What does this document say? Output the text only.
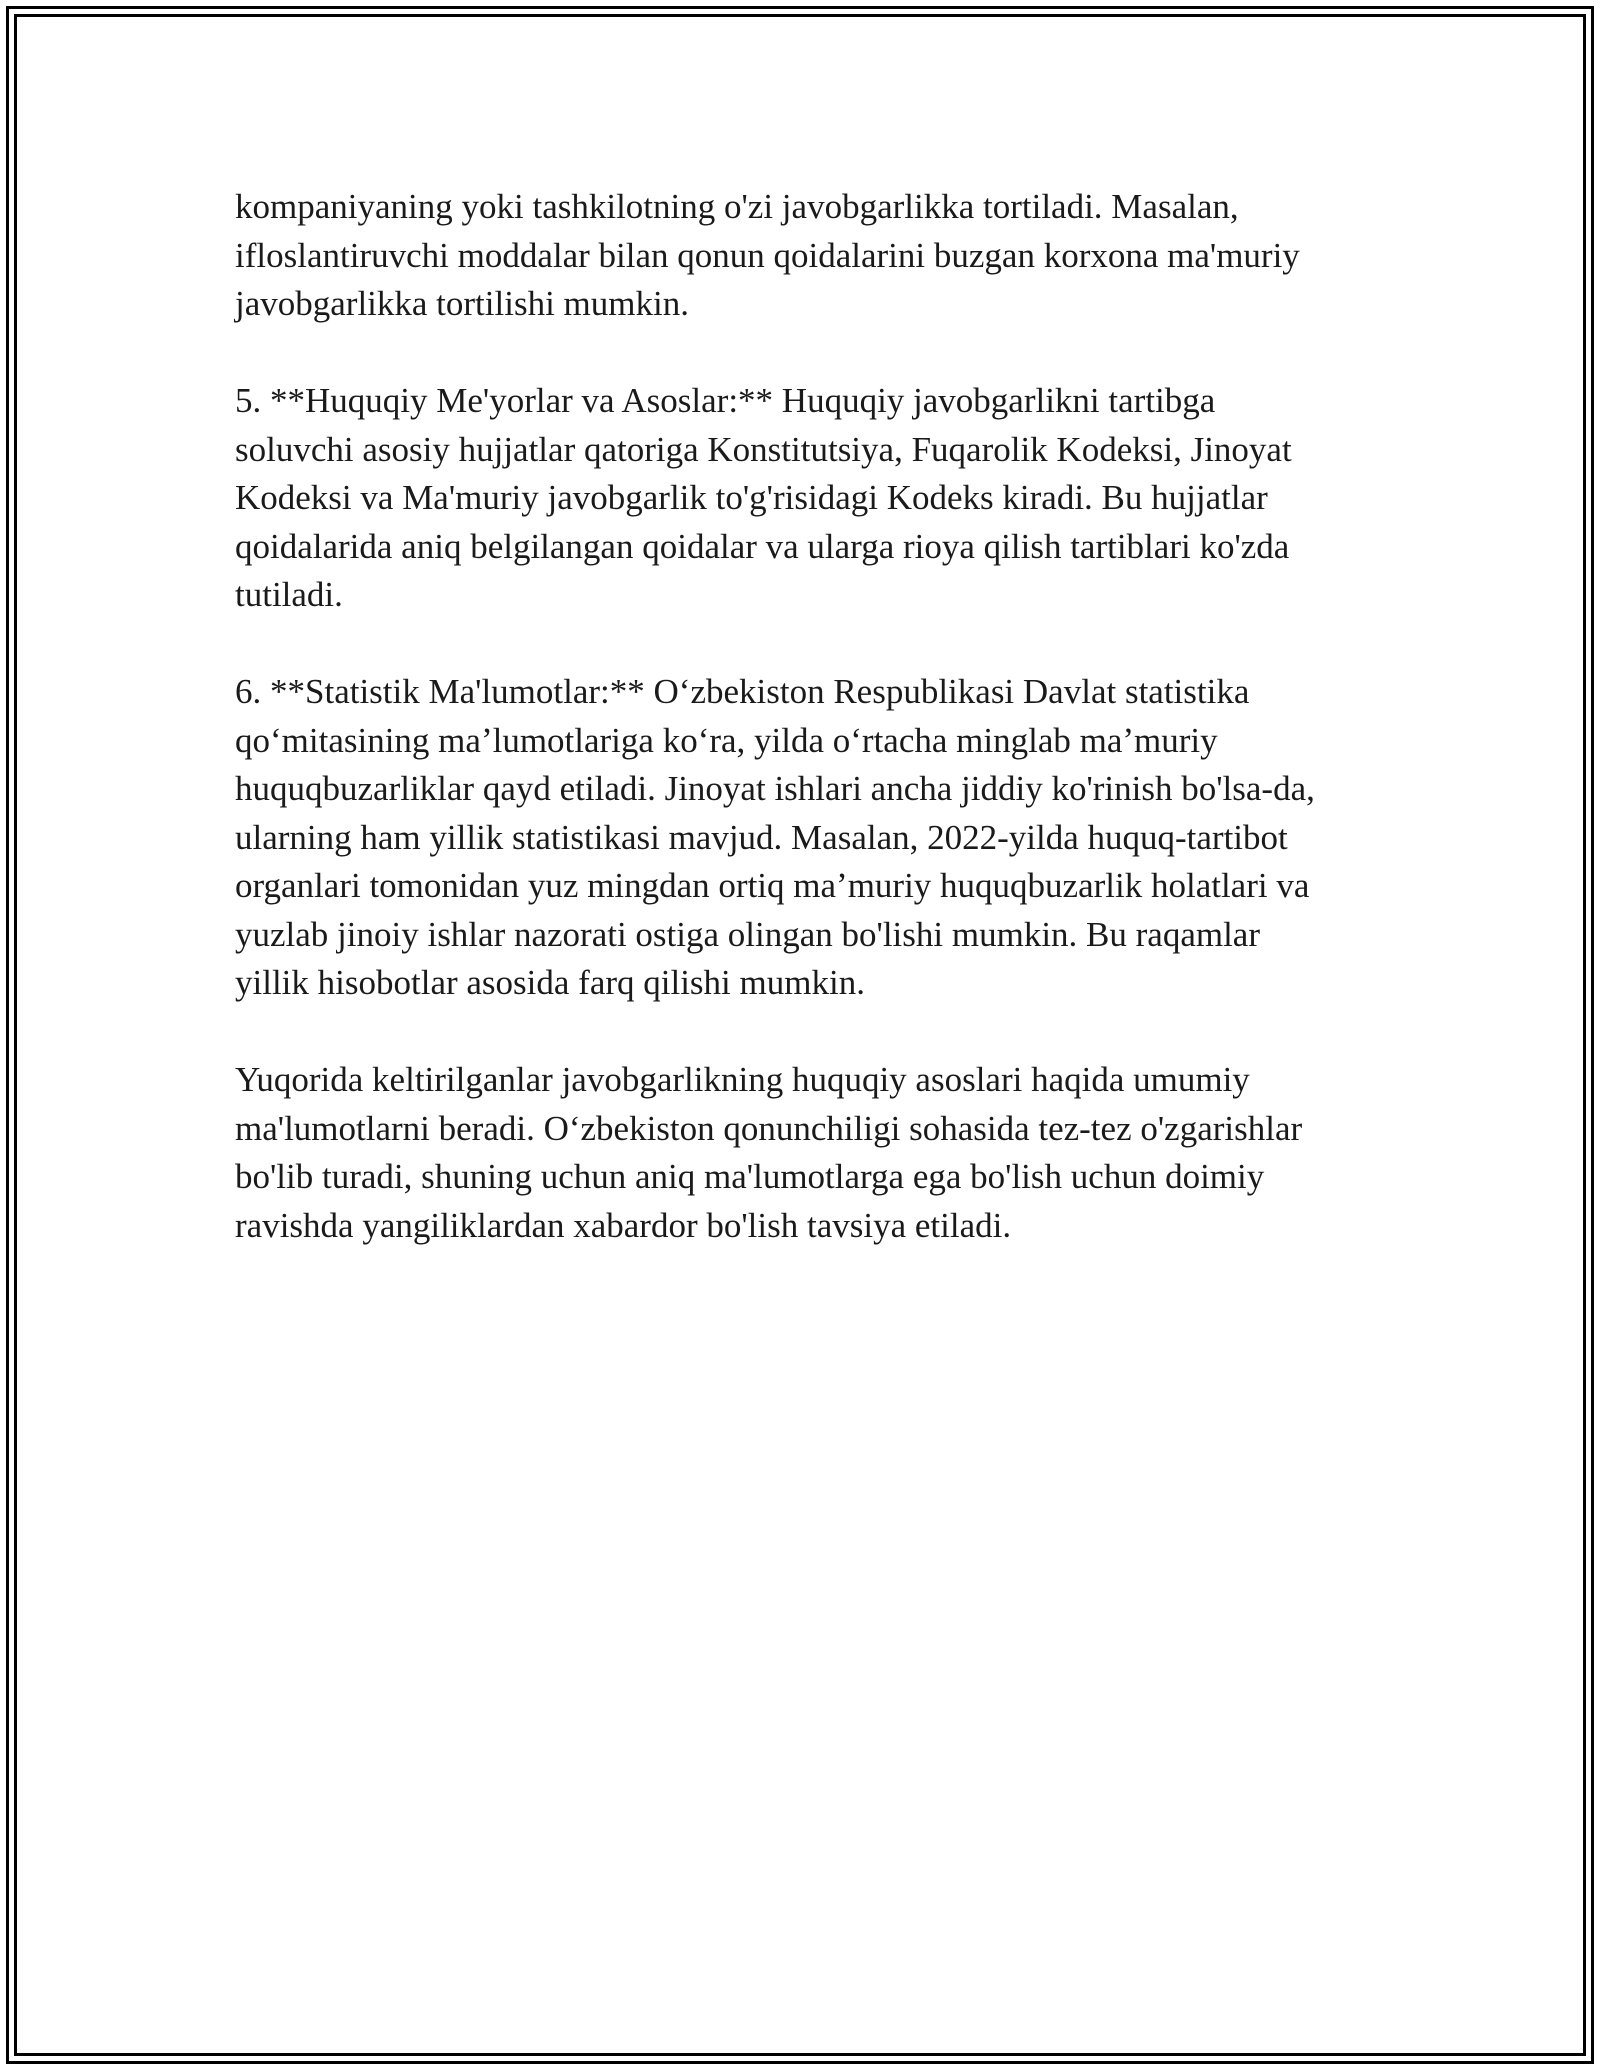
kompaniyaning yoki tashkilotning o'zi javobgarlikka tortiladi. Masalan,
ifloslantiruvchi moddalar bilan qonun qoidalarini buzgan korxona ma'muriy
javobgarlikka tortilishi mumkin.

5. **Huquqiy Me'yorlar va Asoslar:** Huquqiy javobgarlikni tartibga
soluvchi asosiy hujjatlar qatoriga Konstitutsiya, Fuqarolik Kodeksi, Jinoyat
Kodeksi va Ma'muriy javobgarlik to'g'risidagi Kodeks kiradi. Bu hujjatlar
qoidalarida aniq belgilangan qoidalar va ularga rioya qilish tartiblari ko'zda
tutiladi.

6. **Statistik Ma'lumotlar:** Oʻzbekiston Respublikasi Davlat statistika
qoʻmitasining maʼlumotlariga koʻra, yilda oʻrtacha minglab maʼmuriy
huquqbuzarliklar qayd etiladi. Jinoyat ishlari ancha jiddiy ko'rinish bo'lsa-da,
ularning ham yillik statistikasi mavjud. Masalan, 2022-yilda huquq-tartibot
organlari tomonidan yuz mingdan ortiq maʼmuriy huquqbuzarlik holatlari va
yuzlab jinoiy ishlar nazorati ostiga olingan bo'lishi mumkin. Bu raqamlar
yillik hisobotlar asosida farq qilishi mumkin.

Yuqorida keltirilganlar javobgarlikning huquqiy asoslari haqida umumiy
ma'lumotlarni beradi. Oʻzbekiston qonunchiligi sohasida tez-tez o'zgarishlar
bo'lib turadi, shuning uchun aniq ma'lumotlarga ega bo'lish uchun doimiy
ravishda yangiliklardan xabardor bo'lish tavsiya etiladi.
